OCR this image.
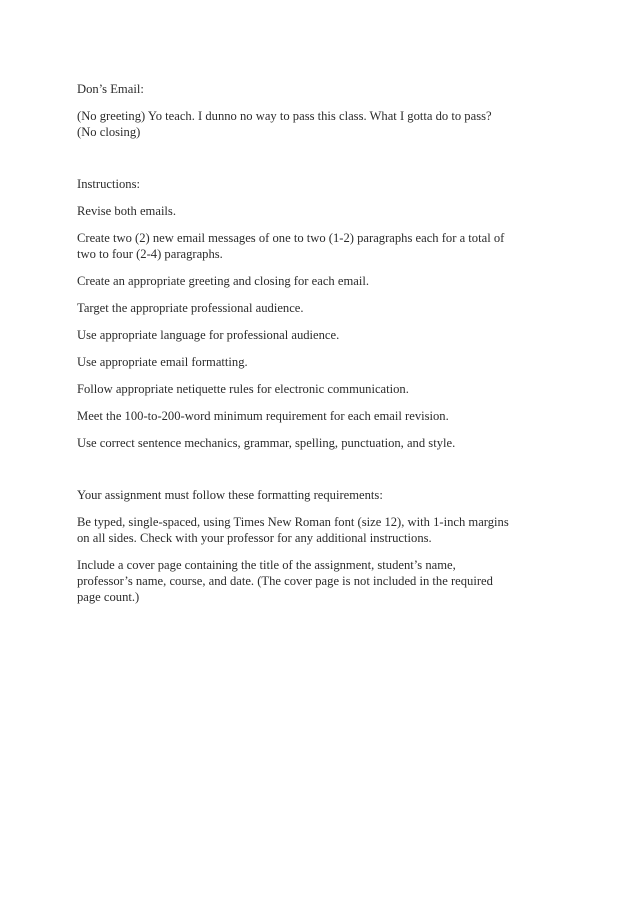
Don’s Email:

(No greeting) Yo teach. I dunno no way to pass this class. What I gotta do to pass?
(No closing)

Instructions:

Revise both emails.

Create two (2) new email messages of one to two (1-2) paragraphs each for a total of
two to four (2-4) paragraphs.

Create an appropriate greeting and closing for each email.

Target the appropriate professional audience.

Use appropriate language for professional audience.

Use appropriate email formatting.

Follow appropriate netiquette rules for electronic communication.

Meet the 100-to-200-word minimum requirement for each email revision.

Use correct sentence mechanics, grammar, spelling, punctuation, and style.

Your assignment must follow these formatting requirements:

Be typed, single-spaced, using Times New Roman font (size 12), with 1-inch margins
on all sides. Check with your professor for any additional instructions.

Include a cover page containing the title of the assignment, student’s name,
professor’s name, course, and date. (The cover page is not included in the required
page count.)
